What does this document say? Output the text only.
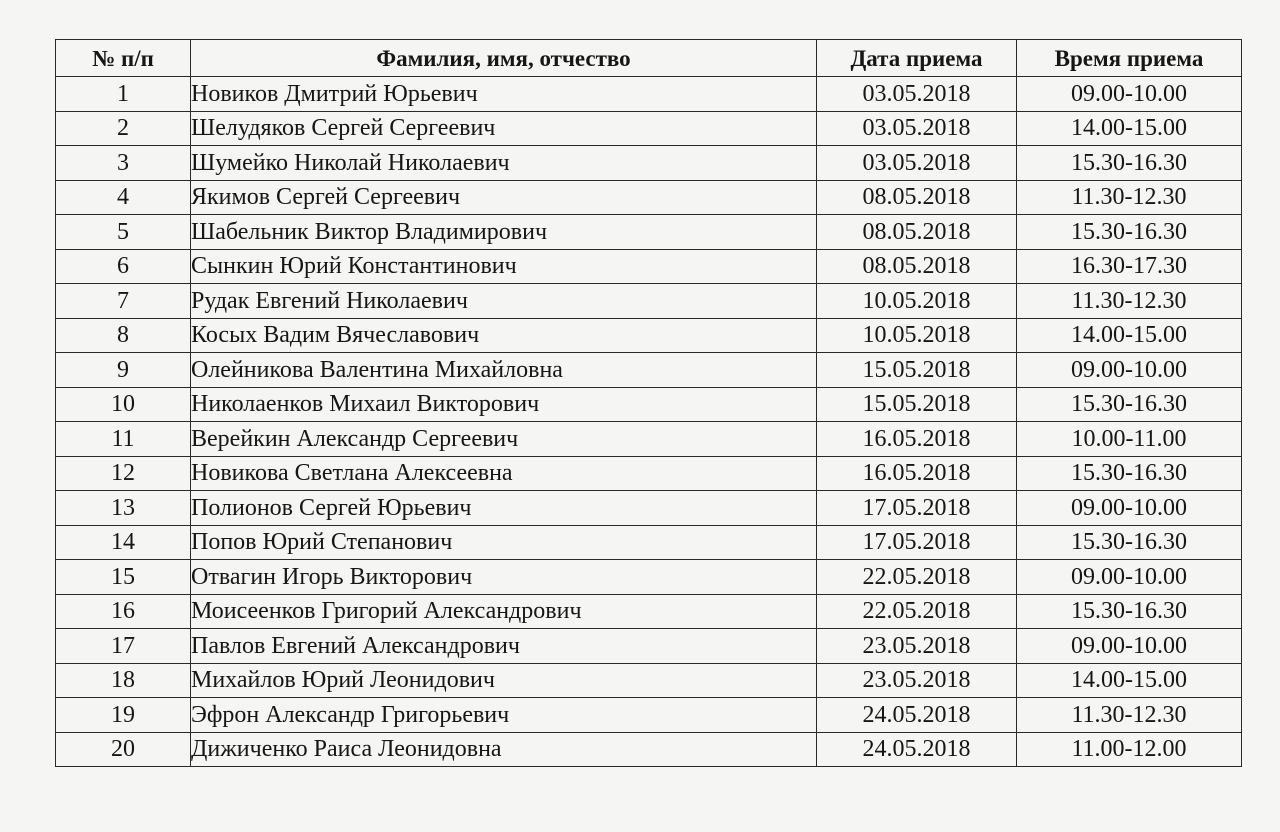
№ п/п	Фамилия, имя, отчество	Дата приема	Время приема
1	Новиков Дмитрий Юрьевич	03.05.2018	09.00-10.00
2	Шелудяков Сергей Сергеевич	03.05.2018	14.00-15.00
3	Шумейко Николай Николаевич	03.05.2018	15.30-16.30
4	Якимов Сергей Сергеевич	08.05.2018	11.30-12.30
5	Шабельник Виктор Владимирович	08.05.2018	15.30-16.30
6	Сынкин Юрий Константинович	08.05.2018	16.30-17.30
7	Рудак Евгений Николаевич	10.05.2018	11.30-12.30
8	Косых Вадим Вячеславович	10.05.2018	14.00-15.00
9	Олейникова Валентина Михайловна	15.05.2018	09.00-10.00
10	Николаенков Михаил Викторович	15.05.2018	15.30-16.30
11	Верейкин Александр Сергеевич	16.05.2018	10.00-11.00
12	Новикова Светлана Алексеевна	16.05.2018	15.30-16.30
13	Полионов Сергей Юрьевич	17.05.2018	09.00-10.00
14	Попов Юрий Степанович	17.05.2018	15.30-16.30
15	Отвагин Игорь Викторович	22.05.2018	09.00-10.00
16	Моисеенков Григорий Александрович	22.05.2018	15.30-16.30
17	Павлов Евгений Александрович	23.05.2018	09.00-10.00
18	Михайлов Юрий Леонидович	23.05.2018	14.00-15.00
19	Эфрон Александр Григорьевич	24.05.2018	11.30-12.30
20	Дижиченко Раиса Леонидовна	24.05.2018	11.00-12.00
